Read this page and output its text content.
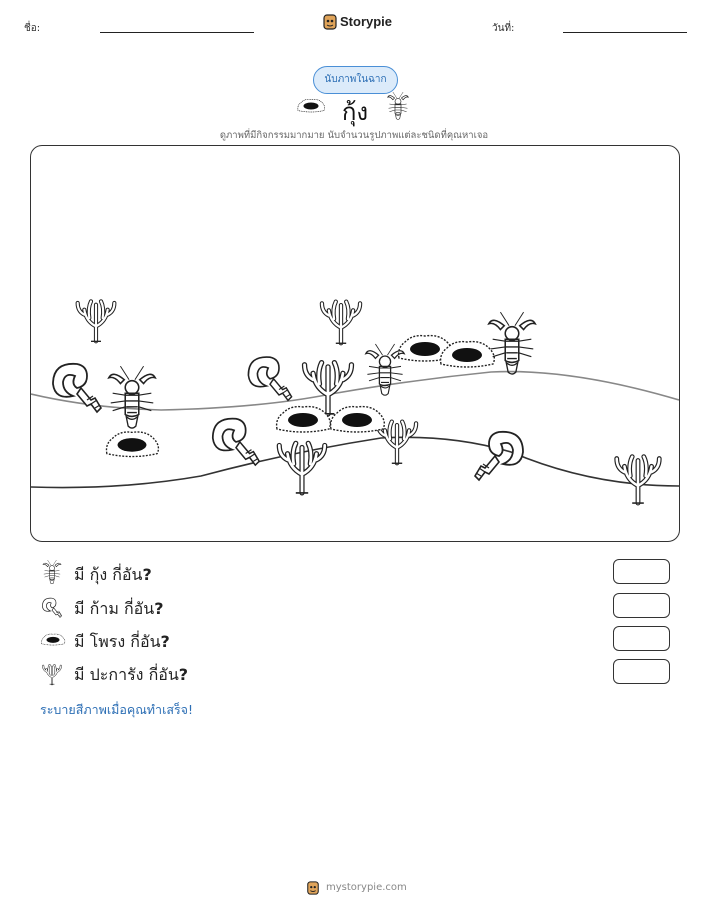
ชื่อ:	Storypie	วันที่:
นับภาพในฉาก
กุ้ง
ดูภาพที่มีกิจกรรมมากมาย นับจำนวนรูปภาพแต่ละชนิดที่คุณหาเจอ
มี กุ้ง กี่อัน?
มี ก้าม กี่อัน?
มี โพรง กี่อัน?
มี ปะการัง กี่อัน?
ระบายสีภาพเมื่อคุณทำเสร็จ!
mystorypie.com
